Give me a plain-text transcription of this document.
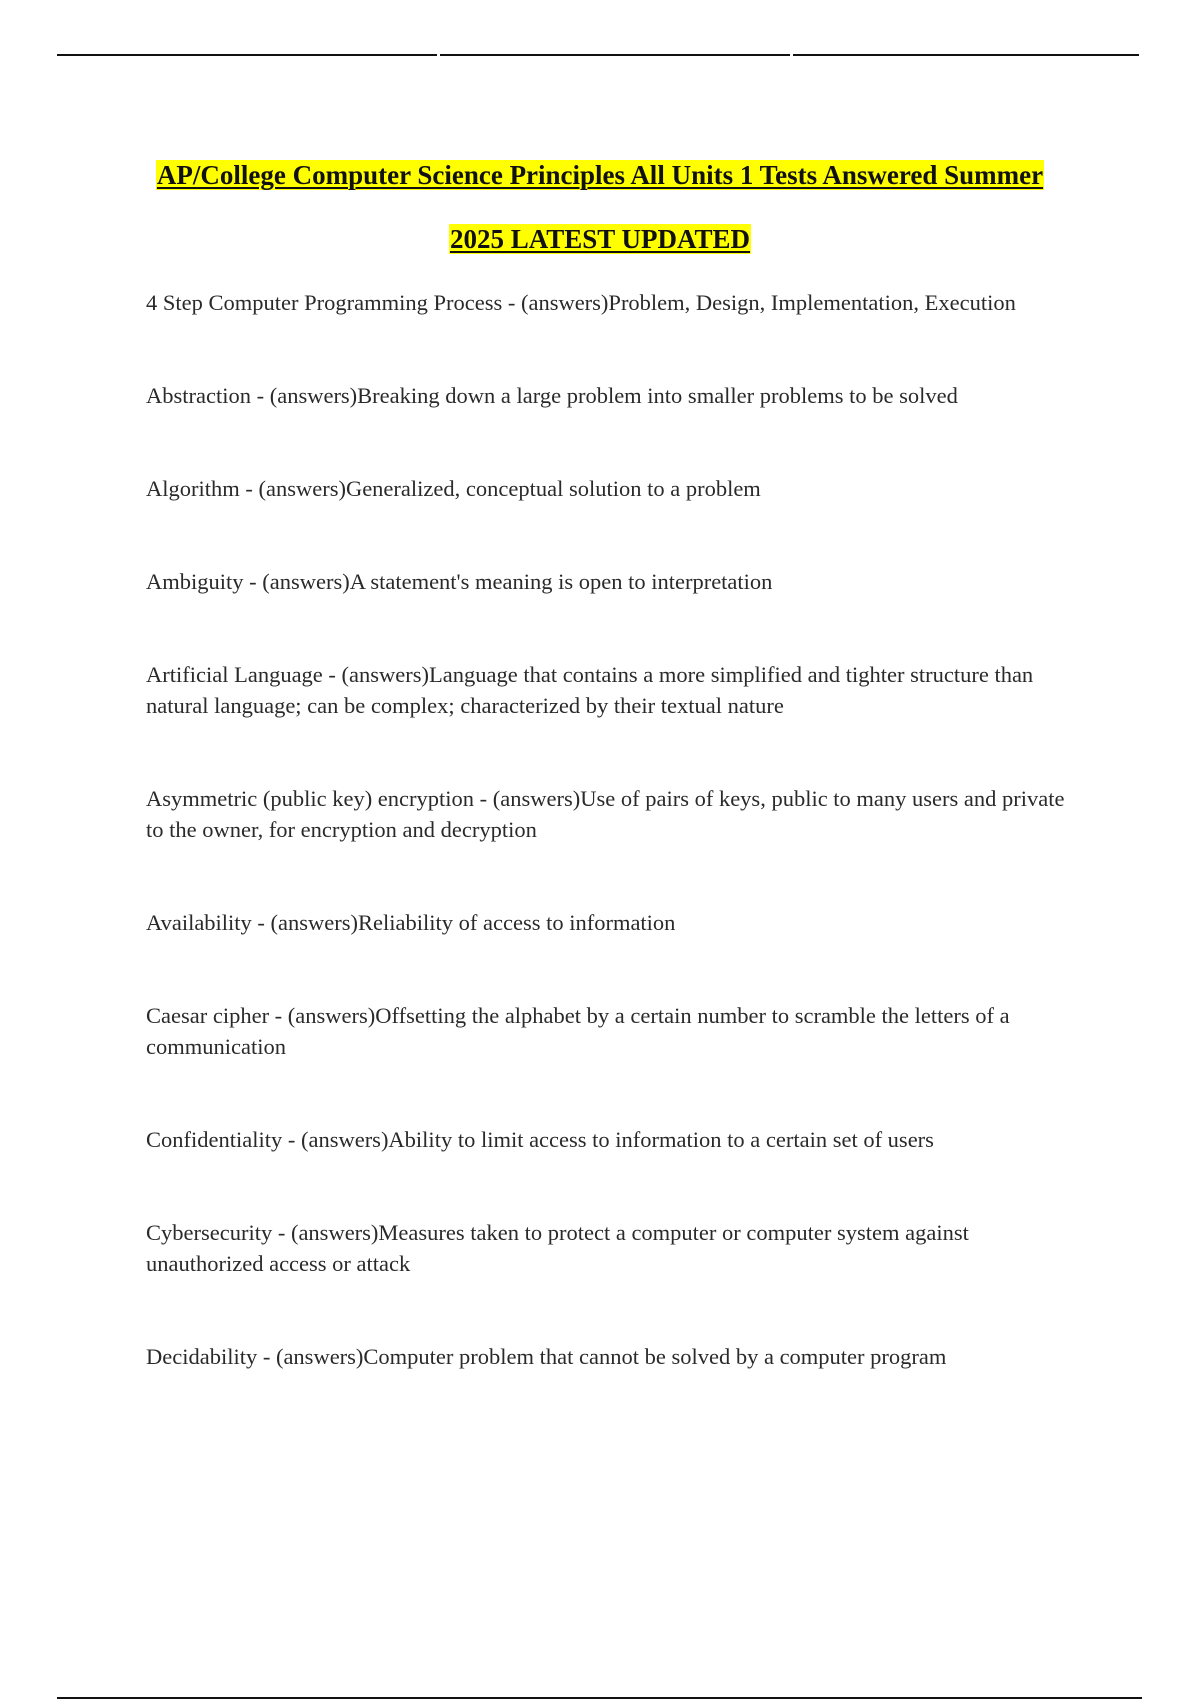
AP/College Computer Science Principles All Units 1 Tests Answered Summer
2025 LATEST UPDATED

4 Step Computer Programming Process - (answers)Problem, Design, Implementation, Execution

Abstraction - (answers)Breaking down a large problem into smaller problems to be solved

Algorithm - (answers)Generalized, conceptual solution to a problem

Ambiguity - (answers)A statement's meaning is open to interpretation

Artificial Language - (answers)Language that contains a more simplified and tighter structure than natural language; can be complex; characterized by their textual nature

Asymmetric (public key) encryption - (answers)Use of pairs of keys, public to many users and private to the owner, for encryption and decryption

Availability - (answers)Reliability of access to information

Caesar cipher - (answers)Offsetting the alphabet by a certain number to scramble the letters of a communication

Confidentiality - (answers)Ability to limit access to information to a certain set of users

Cybersecurity - (answers)Measures taken to protect a computer or computer system against unauthorized access or attack

Decidability - (answers)Computer problem that cannot be solved by a computer program
